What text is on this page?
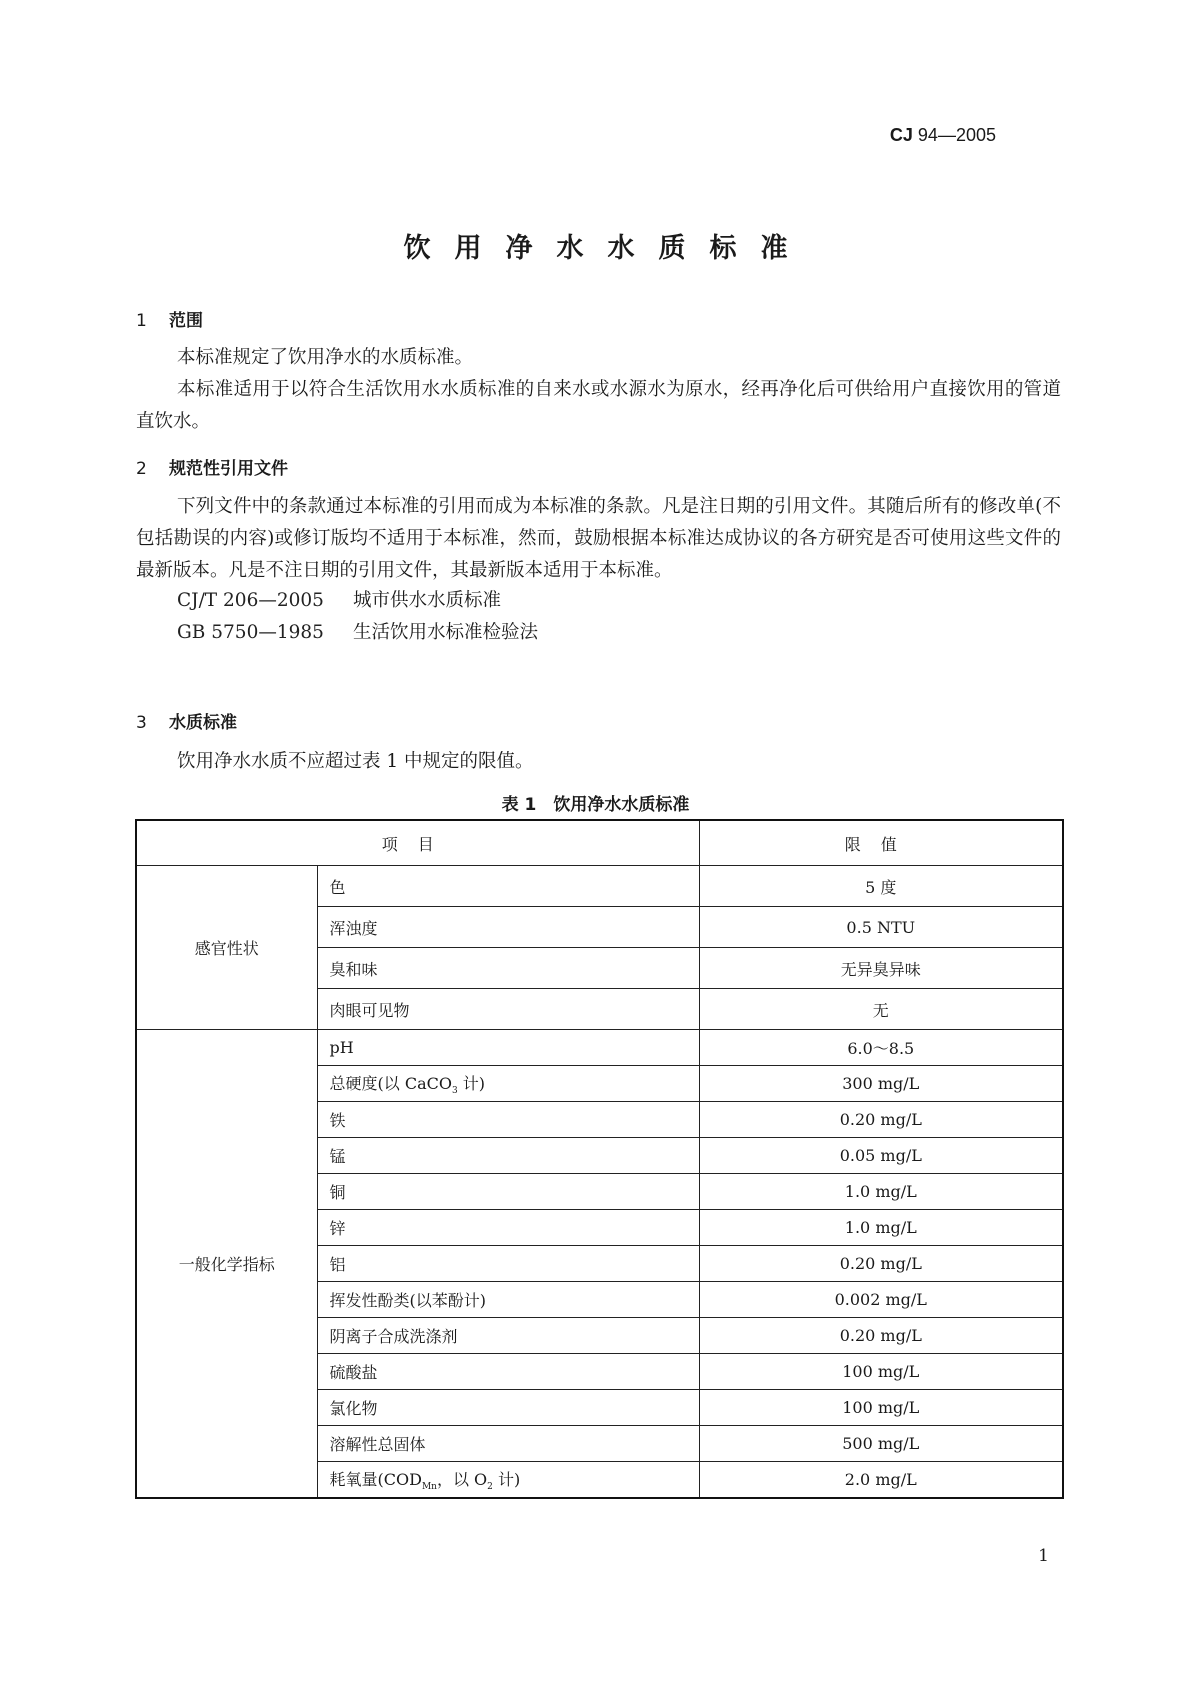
CJ 94—2005
饮用净水水质标准
1 范围
本标准规定了饮用净水的水质标准。
本标准适用于以符合生活饮用水水质标准的自来水或水源水为原水，经再净化后可供给用户直接饮用的管道直饮水。
2 规范性引用文件
下列文件中的条款通过本标准的引用而成为本标准的条款。凡是注日期的引用文件。其随后所有的修改单(不包括勘误的内容)或修订版均不适用于本标准，然而，鼓励根据本标准达成协议的各方研究是否可使用这些文件的最新版本。凡是不注日期的引用文件，其最新版本适用于本标准。
CJ/T 206—2005 城市供水水质标准
GB 5750—1985 生活饮用水标准检验法
3 水质标准
饮用净水水质不应超过表 1 中规定的限值。
表 1　饮用净水水质标准
项目		限值
感官性状	色	5 度
	浑浊度	0.5 NTU
	臭和味	无异臭异味
	肉眼可见物	无
一般化学指标	pH	6.0～8.5
	总硬度(以 CaCO$_3$ 计)	300 mg/L
	铁	0.20 mg/L
	锰	0.05 mg/L
	铜	1.0 mg/L
	锌	1.0 mg/L
	铝	0.20 mg/L
	挥发性酚类(以苯酚计)	0.002 mg/L
	阴离子合成洗涤剂	0.20 mg/L
	硫酸盐	100 mg/L
	氯化物	100 mg/L
	溶解性总固体	500 mg/L
	耗氧量($COD_{Mn}$，以 $O_2$ 计)	2.0 mg/L
1
